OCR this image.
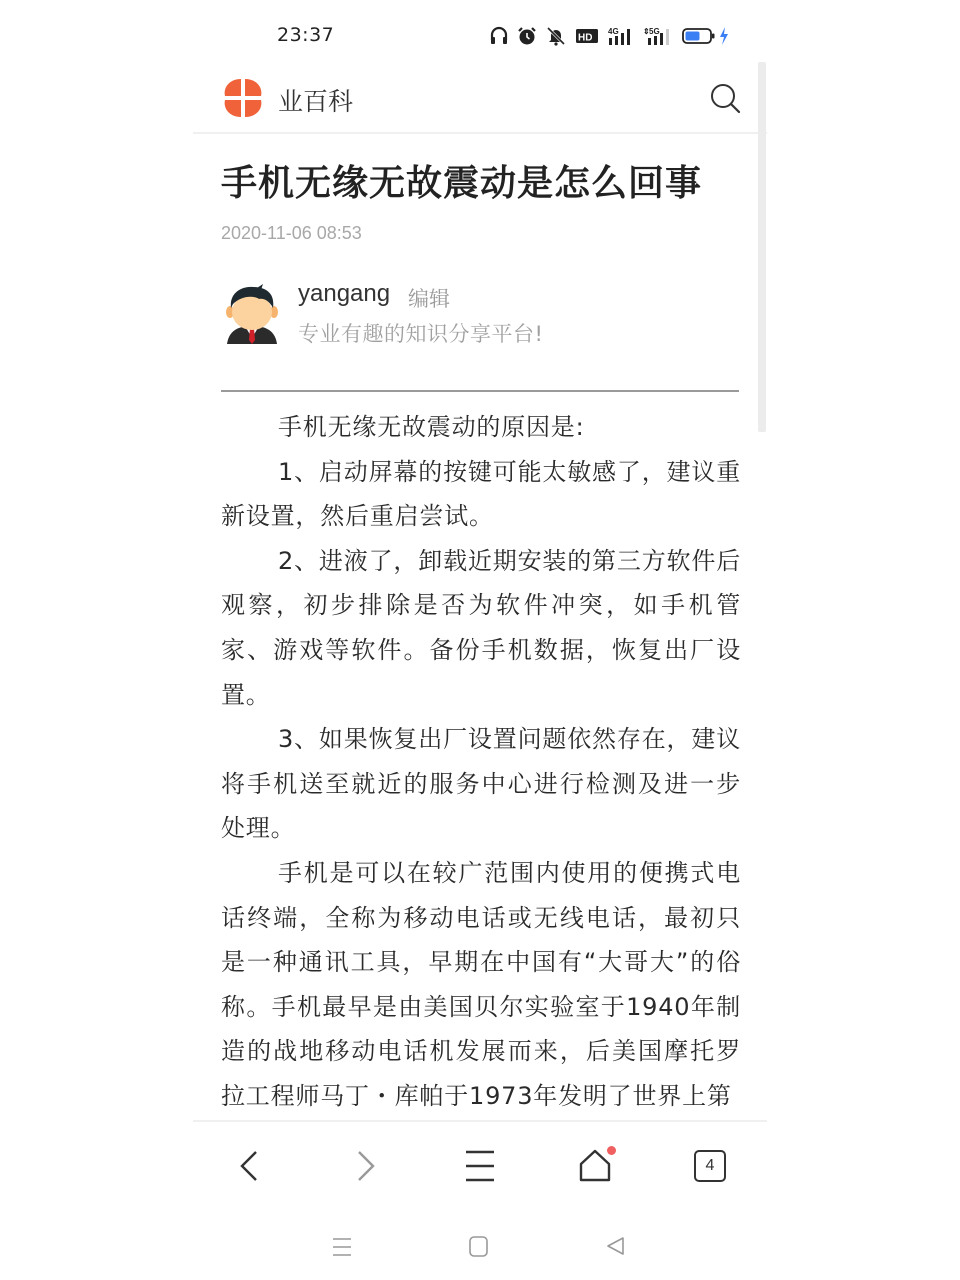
23:37	HD
4G	⇕ 5G
业百科
手机无缘无故震动是怎么回事
2020-11-06 08:53
yangang 编辑
专业有趣的知识分享平台!

手机无缘无故震动的原因是:

1、启动屏幕的按键可能太敏感了，建议重新设置，然后重启尝试。

2、进液了，卸载近期安装的第三方软件后观察，初步排除是否为软件冲突，如手机管家、游戏等软件。备份手机数据，恢复出厂设置。

3、如果恢复出厂设置问题依然存在，建议将手机送至就近的服务中心进行检测及进一步处理。

手机是可以在较广范围内使用的便携式电话终端，全称为移动电话或无线电话，最初只是一种通讯工具，早期在中国有“大哥大”的俗称。手机最早是由美国贝尔实验室于1940年制造的战地移动电话机发展而来，后美国摩托罗拉工程师马丁・库帕于1973年发明了世界上第

4
